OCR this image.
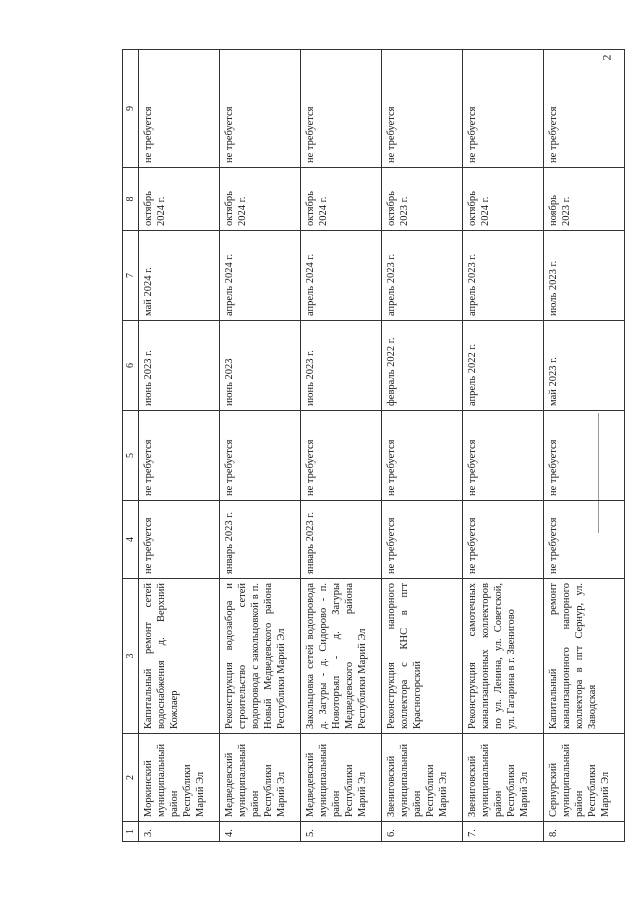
2
1	2	3	4	5	6	7	8	9
3.	Моркинский муниципальный район Республики Марий Эл	Капитальный ремонт сетей водоснабжения д. Верхний Кожлаер	не требуется	не требуется	июнь 2023 г.	май 2024 г.	октябрь 2024 г.	не требуется
4.	Медведевский муниципальный район Республики Марий Эл	Реконструкция водозабора и строительство сетей водопровода с закольцовкой в п. Новый Медведевского района Республики Марий Эл	январь 2023 г.	не требуется	июнь 2023	апрель 2024 г.	октябрь 2024 г.	не требуется
5.	Медведевский муниципальный район Республики Марий Эл	Закольцовка сетей водопровода д. Загуры - д. Сидорово - п. Новоторъял - д. Загуры Медведевского района Республики Марий Эл	январь 2023 г.	не требуется	июнь 2023 г.	апрель 2024 г.	октябрь 2024 г.	не требуется
6.	Звениговский муниципальный район Республики Марий Эл	Реконструкция напорного коллектора с КНС в пгт Красногорский	не требуется	не требуется	февраль 2022 г.	апрель 2023 г.	октябрь 2023 г.	не требуется
7.	Звениговский муниципальный район Республики Марий Эл	Реконструкция самотечных канализационных коллекторов по ул. Ленина, ул. Советской, ул. Гагарина в г. Звенигово	не требуется	не требуется	апрель 2022 г.	апрель 2023 г.	октябрь 2024 г.	не требуется
8.	Сернурский муниципальный район Республики Марий Эл	Капитальный ремонт канализационного напорного коллектора в пгт Сернур, ул. Заводская	не требуется	не требуется	май 2023 г.	июль 2023 г.	ноябрь 2023 г.	не требуется
